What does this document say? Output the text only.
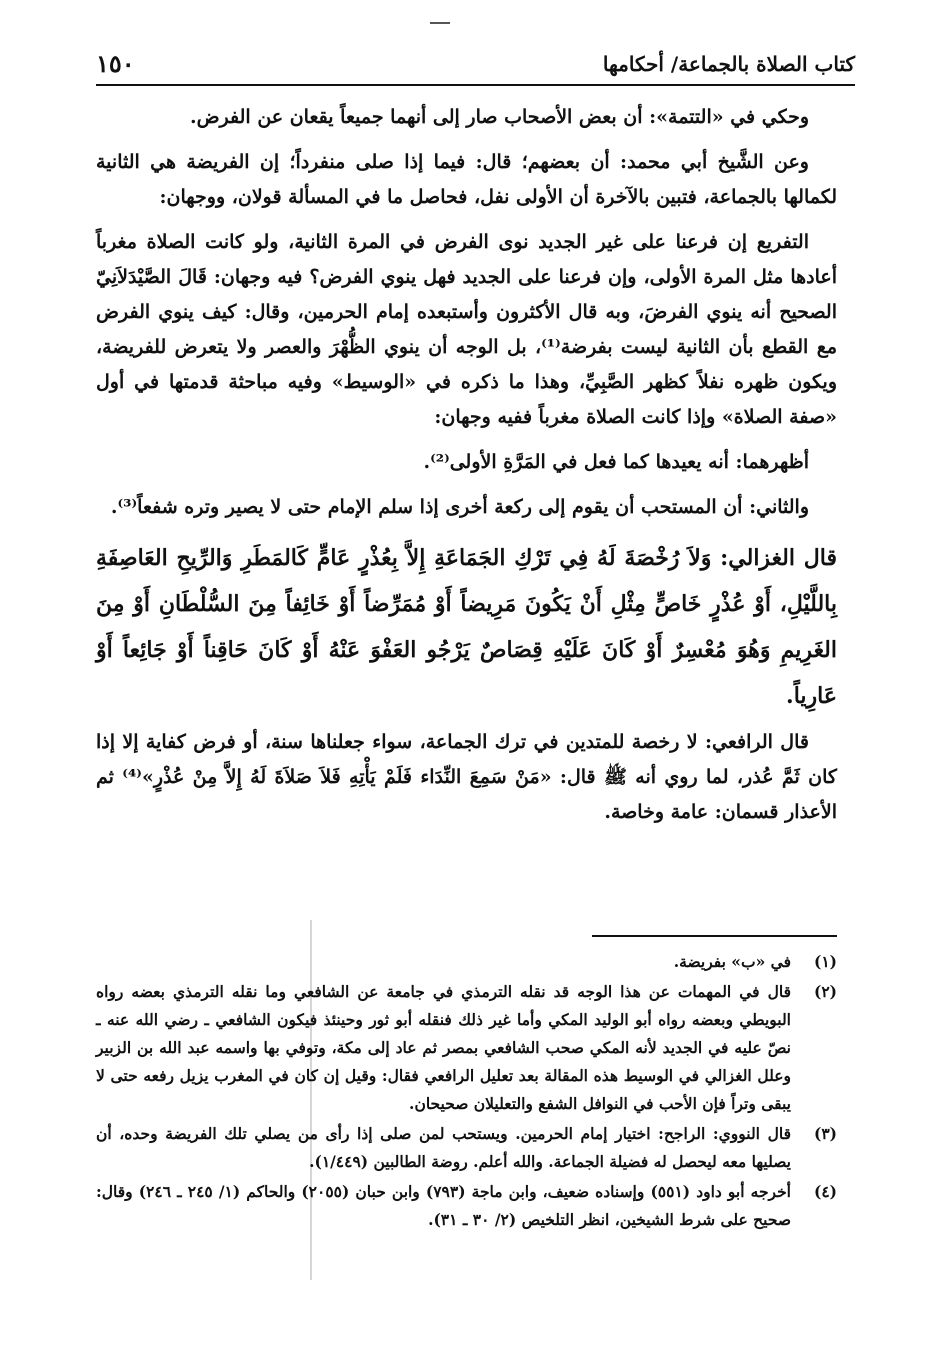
كتاب الصلاة بالجماعة/ أحكامها
١٥٠

وحكي في «التتمة»: أن بعض الأصحاب صار إلى أنهما جميعاً يقعان عن الفرض.

وعن الشَّيخ أبي محمد: أن بعضهم؛ قال: فيما إذا صلى منفرداً؛ إن الفريضة هي الثانية لكمالها بالجماعة، فتبين بالآخرة أن الأولى نفل، فحاصل ما في المسألة قولان، ووجهان:

التفريع إن فرعنا على غير الجديد نوى الفرض في المرة الثانية، ولو كانت الصلاة مغرباً أعادها مثل المرة الأولى، وإن فرعنا على الجديد فهل ينوي الفرض؟ فيه وجهان: قَالَ الصَّيْدَلاَنِيّ الصحيح أنه ينوي الفرضَ، وبه قال الأكثرون وأستبعده إمام الحرمين، وقال: كيف ينوي الفرض مع القطع بأن الثانية ليست بفرضة⁽¹⁾، بل الوجه أن ينوي الظُّهْرَ والعصر ولا يتعرض للفريضة، ويكون ظهره نفلاً كظهر الصَّبِيِّ، وهذا ما ذكره في «الوسيط» وفيه مباحثة قدمتها في أول «صفة الصلاة» وإذا كانت الصلاة مغرباً ففيه وجهان:

أظهرهما: أنه يعيدها كما فعل في المَرَّةِ الأولى⁽²⁾.

والثاني: أن المستحب أن يقوم إلى ركعة أخرى إذا سلم الإمام حتى لا يصير وتره شفعاً⁽³⁾.

قال الغزالي: وَلاَ رُخْصَةَ لَهُ فِي تَرْكِ الجَمَاعَةِ إِلاَّ بِعُذْرٍ عَامٍّ كَالمَطَرِ وَالرِّيحِ العَاصِفَةِ بِاللَّيْلِ، أَوْ عُذْرٍ خَاصٍّ مِثْلِ أَنْ يَكُونَ مَرِيضاً أَوْ مُمَرِّضاً أَوْ خَائِفاً مِنَ السُّلْطَانِ أَوْ مِنَ الغَرِيمِ وَهُوَ مُعْسِرٌ أَوْ كَانَ عَلَيْهِ قِصَاصٌ يَرْجُو العَفْوَ عَنْهُ أَوْ كَانَ حَاقِناً أَوْ جَائِعاً أَوْ عَارِياً.

قال الرافعي: لا رخصة للمتدين في ترك الجماعة، سواء جعلناها سنة، أو فرض كفاية إلا إذا كان ثَمَّ عُذر، لما روي أنه ﷺ قال: «مَنْ سَمِعَ النِّدَاء فَلَمْ يَأْتِهِ فَلاَ صَلاَةَ لَهُ إِلاَّ مِنْ عُذْرٍ»⁽⁴⁾ ثم الأعذار قسمان: عامة وخاصة.

(١)
في «ب» بفريضة.
(٢)
قال في المهمات عن هذا الوجه قد نقله الترمذي في جامعة عن الشافعي وما نقله الترمذي بعضه رواه البويطي وبعضه رواه أبو الوليد المكي وأما غير ذلك فنقله أبو ثور وحينئذ فيكون الشافعي ـ رضي الله عنه ـ نصّ عليه في الجديد لأنه المكي صحب الشافعي بمصر ثم عاد إلى مكة، وتوفي بها واسمه عبد الله بن الزبير وعلل الغزالي في الوسيط هذه المقالة بعد تعليل الرافعي فقال: وقيل إن كان في المغرب يزيل رفعه حتى لا يبقى وتراً فإن الأحب في النوافل الشفع والتعليلان صحيحان.
(٣)
قال النووي: الراجح: اختيار إمام الحرمين. ويستحب لمن صلى إذا رأى من يصلي تلك الفريضة وحده، أن يصليها معه ليحصل له فضيلة الجماعة. والله أعلم. روضة الطالبين (١/٤٤٩).
(٤)
أخرجه أبو داود (٥٥١) وإسناده ضعيف، وابن ماجة (٧٩٣) وابن حبان (٢٠٥٥) والحاكم (١/ ٢٤٥ ـ ٢٤٦) وقال: صحيح على شرط الشيخين، انظر التلخيص (٢/ ٣٠ ـ ٣١).
